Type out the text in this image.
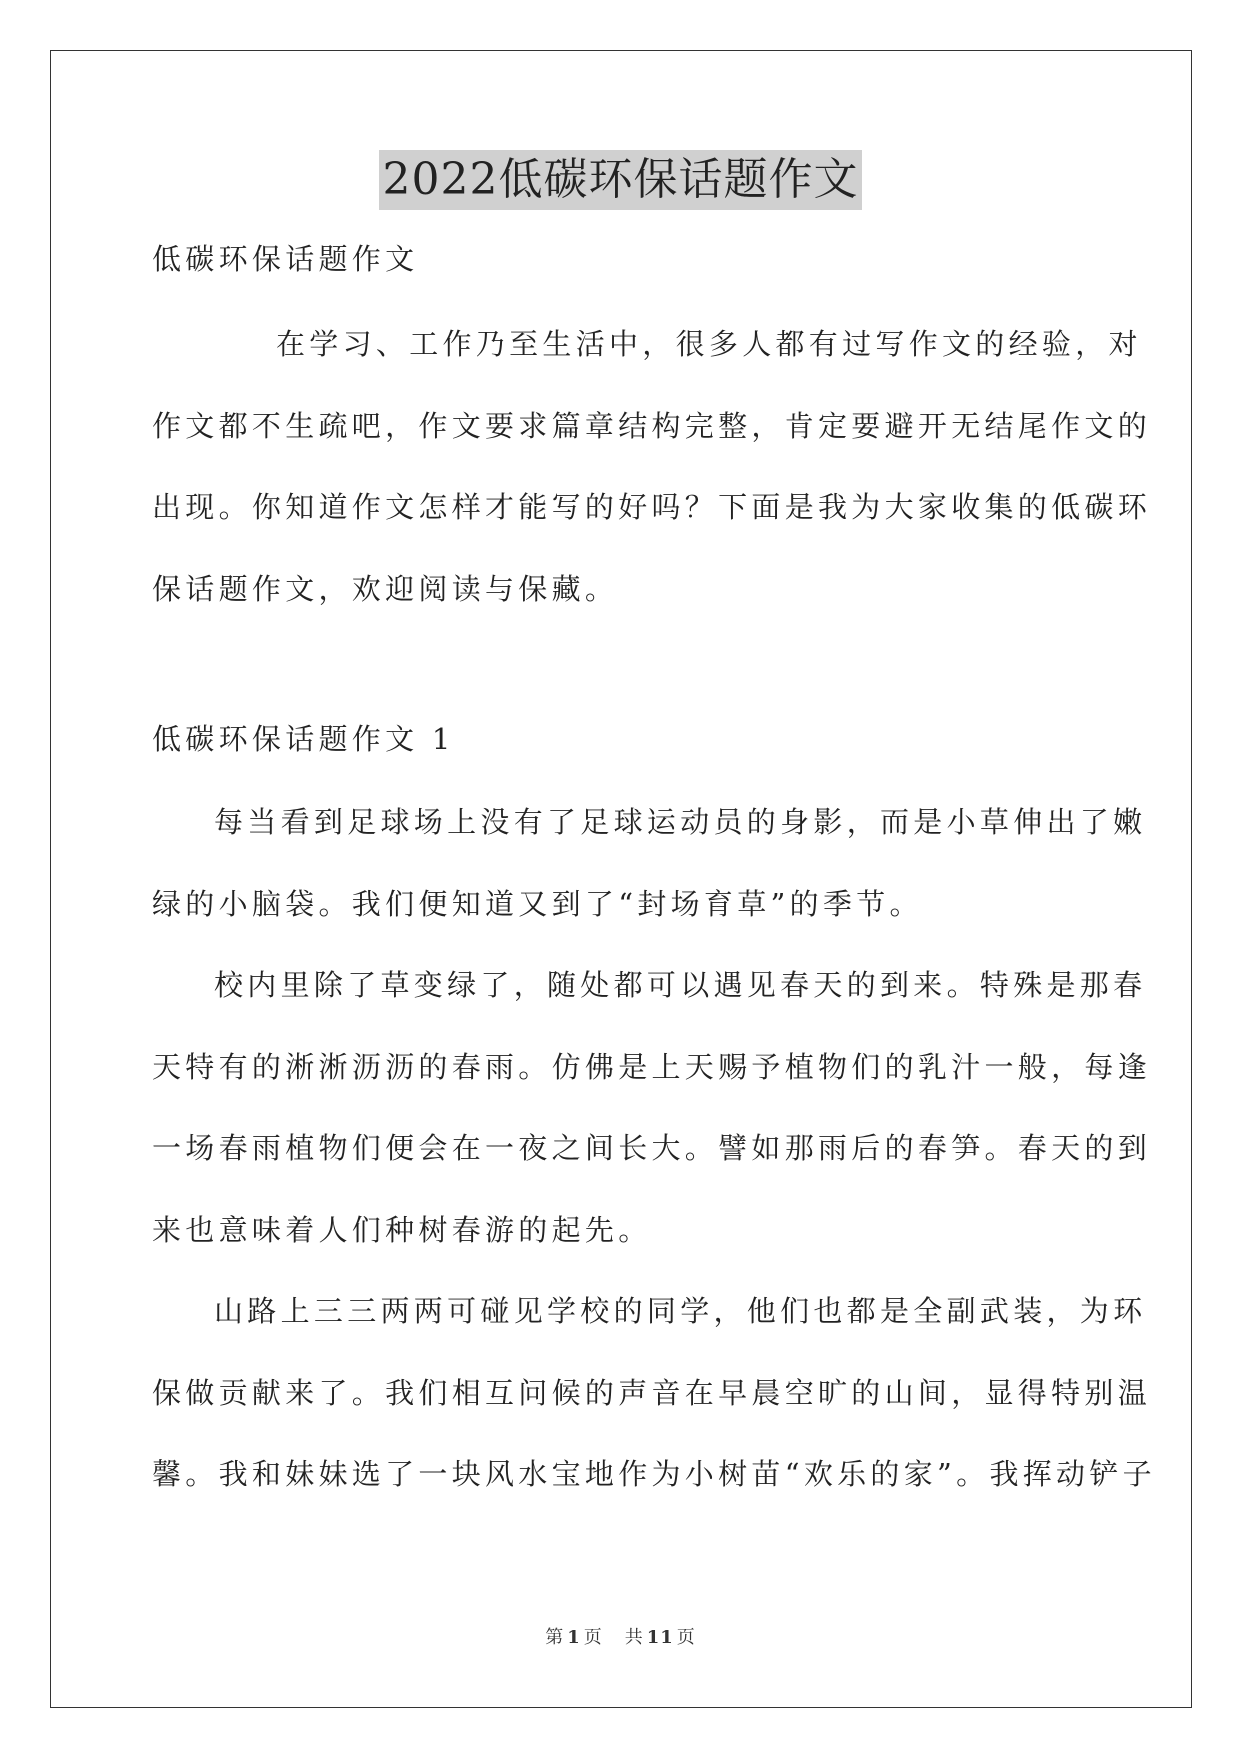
2022低碳环保话题作文

低碳环保话题作文

在学习、工作乃至生活中，很多人都有过写作文的经验，对

作文都不生疏吧，作文要求篇章结构完整，肯定要避开无结尾作文的

出现。你知道作文怎样才能写的好吗？下面是我为大家收集的低碳环

保话题作文，欢迎阅读与保藏。

低碳环保话题作文 1

每当看到足球场上没有了足球运动员的身影，而是小草伸出了嫩

绿的小脑袋。我们便知道又到了“封场育草”的季节。

校内里除了草变绿了，随处都可以遇见春天的到来。特殊是那春

天特有的淅淅沥沥的春雨。仿佛是上天赐予植物们的乳汁一般，每逢

一场春雨植物们便会在一夜之间长大。譬如那雨后的春笋。春天的到

来也意味着人们种树春游的起先。

山路上三三两两可碰见学校的同学，他们也都是全副武装，为环

保做贡献来了。我们相互问候的声音在早晨空旷的山间，显得特别温

馨。我和妹妹选了一块风水宝地作为小树苗“欢乐的家”。我挥动铲子

第 1 页 共 11 页
